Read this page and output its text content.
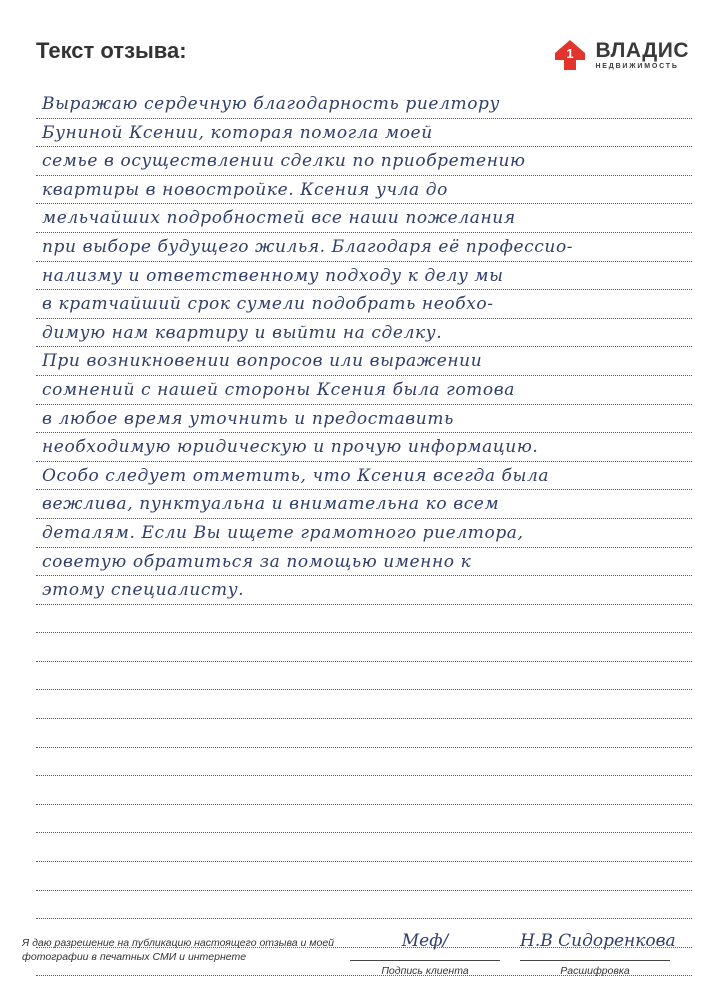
Текст отзыва:	1 ВЛАДИС
НЕДВИЖИМОСТЬ
Выражаю сердечную благодарность риелтору
Буниной Ксении, которая помогла моей
семье в осуществлении сделки по приобретению
квартиры в новостройке. Ксения учла до
мельчайших подробностей все наши пожелания
при выборе будущего жилья. Благодаря её профессио-
нализму и ответственному подходу к делу мы
в кратчайший срок сумели подобрать необхо-
димую нам квартиру и выйти на сделку.
При возникновении вопросов или выражении
сомнений с нашей стороны Ксения была готова
в любое время уточнить и предоставить
необходимую юридическую и прочую информацию.
Особо следует отметить, что Ксения всегда была
вежлива, пунктуальна и внимательна ко всем
деталям. Если Вы ищете грамотного риелтора,
советую обратиться за помощью именно к
этому специалисту.

Я даю разрешение на публикацию настоящего отзыва и моей фотографии в печатных СМИ и интернете

Меф/
Подпись клиента
Н.В Сидоренкова
Расшифровка
